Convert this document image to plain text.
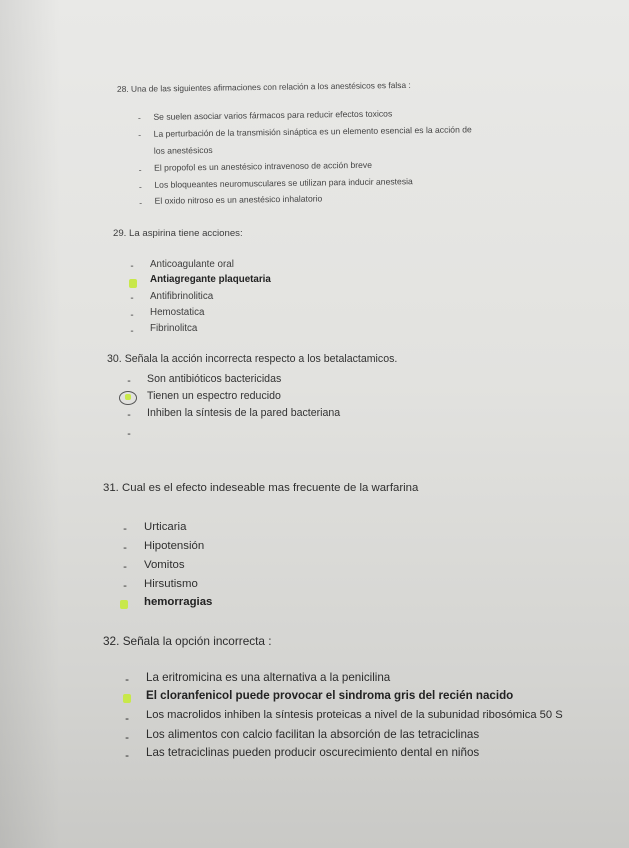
28. Una de las siguientes afirmaciones con relación a los anestésicos es falsa :
- Se suelen asociar varios fármacos para reducir efectos toxicos
- La perturbación de la transmisión sináptica es un elemento esencial es la acción de
los anestésicos
- El propofol es un anestésico intravenoso de acción breve
- Los bloqueantes neuromusculares se utilizan para inducir anestesia
- El oxido nitroso es un anestésico inhalatorio
29. La aspirina tiene acciones:
- Anticoagulante oral
Antiagregante plaquetaria
- Antifibrinolitica
- Hemostatica
- Fibrinolitca
30. Señala la acción incorrecta respecto a los betalactamicos.
- Son antibióticos bactericidas
Tienen un espectro reducido
- Inhiben la síntesis de la pared bacteriana
-
31. Cual es el efecto indeseable mas frecuente de la warfarina
- Urticaria
- Hipotensión
- Vomitos
- Hirsutismo
hemorragias
32. Señala la opción incorrecta :
- La eritromicina es una alternativa a la penicilina
El cloranfenicol puede provocar el sindroma gris del recién nacido
- Los macrolidos inhiben la síntesis proteicas a nivel de la subunidad ribosómica 50 S
- Los alimentos con calcio facilitan la absorción de las tetraciclinas
- Las tetraciclinas pueden producir oscurecimiento dental en niños
